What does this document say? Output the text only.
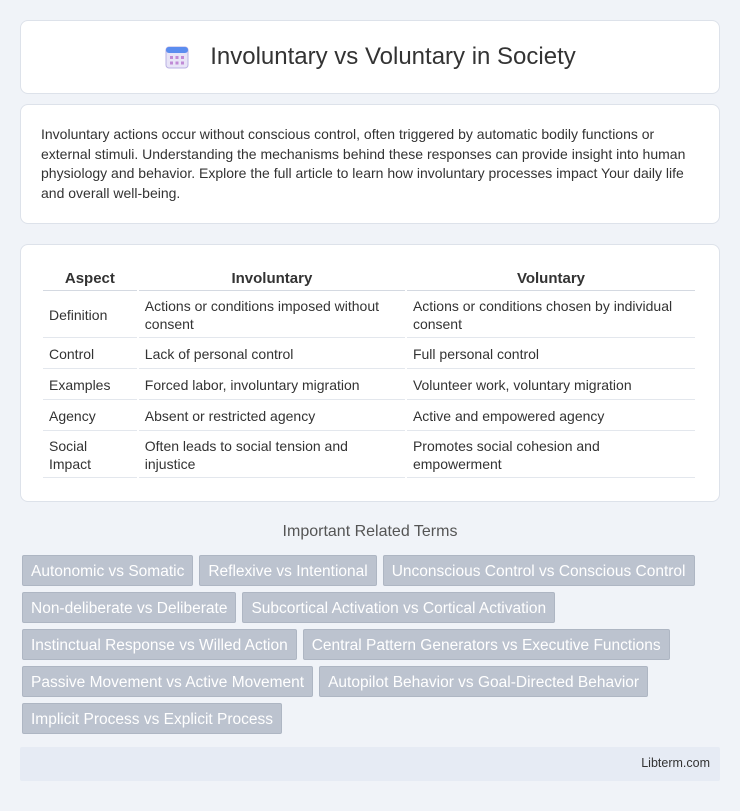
Involuntary vs Voluntary in Society

Involuntary actions occur without conscious control, often triggered by automatic bodily functions or external stimuli. Understanding the mechanisms behind these responses can provide insight into human physiology and behavior. Explore the full article to learn how involuntary processes impact Your daily life and overall well-being.

Aspect	Involuntary	Voluntary
Definition	Actions or conditions imposed without consent	Actions or conditions chosen by individual consent
Control	Lack of personal control	Full personal control
Examples	Forced labor, involuntary migration	Volunteer work, voluntary migration
Agency	Absent or restricted agency	Active and empowered agency
Social Impact	Often leads to social tension and injustice	Promotes social cohesion and empowerment
Important Related Terms
Autonomic vs Somatic	Reflexive vs Intentional	Unconscious Control vs Conscious Control
Non-deliberate vs Deliberate	Subcortical Activation vs Cortical Activation
Instinctual Response vs Willed Action	Central Pattern Generators vs Executive Functions
Passive Movement vs Active Movement	Autopilot Behavior vs Goal-Directed Behavior
Implicit Process vs Explicit Process
Libterm.com
